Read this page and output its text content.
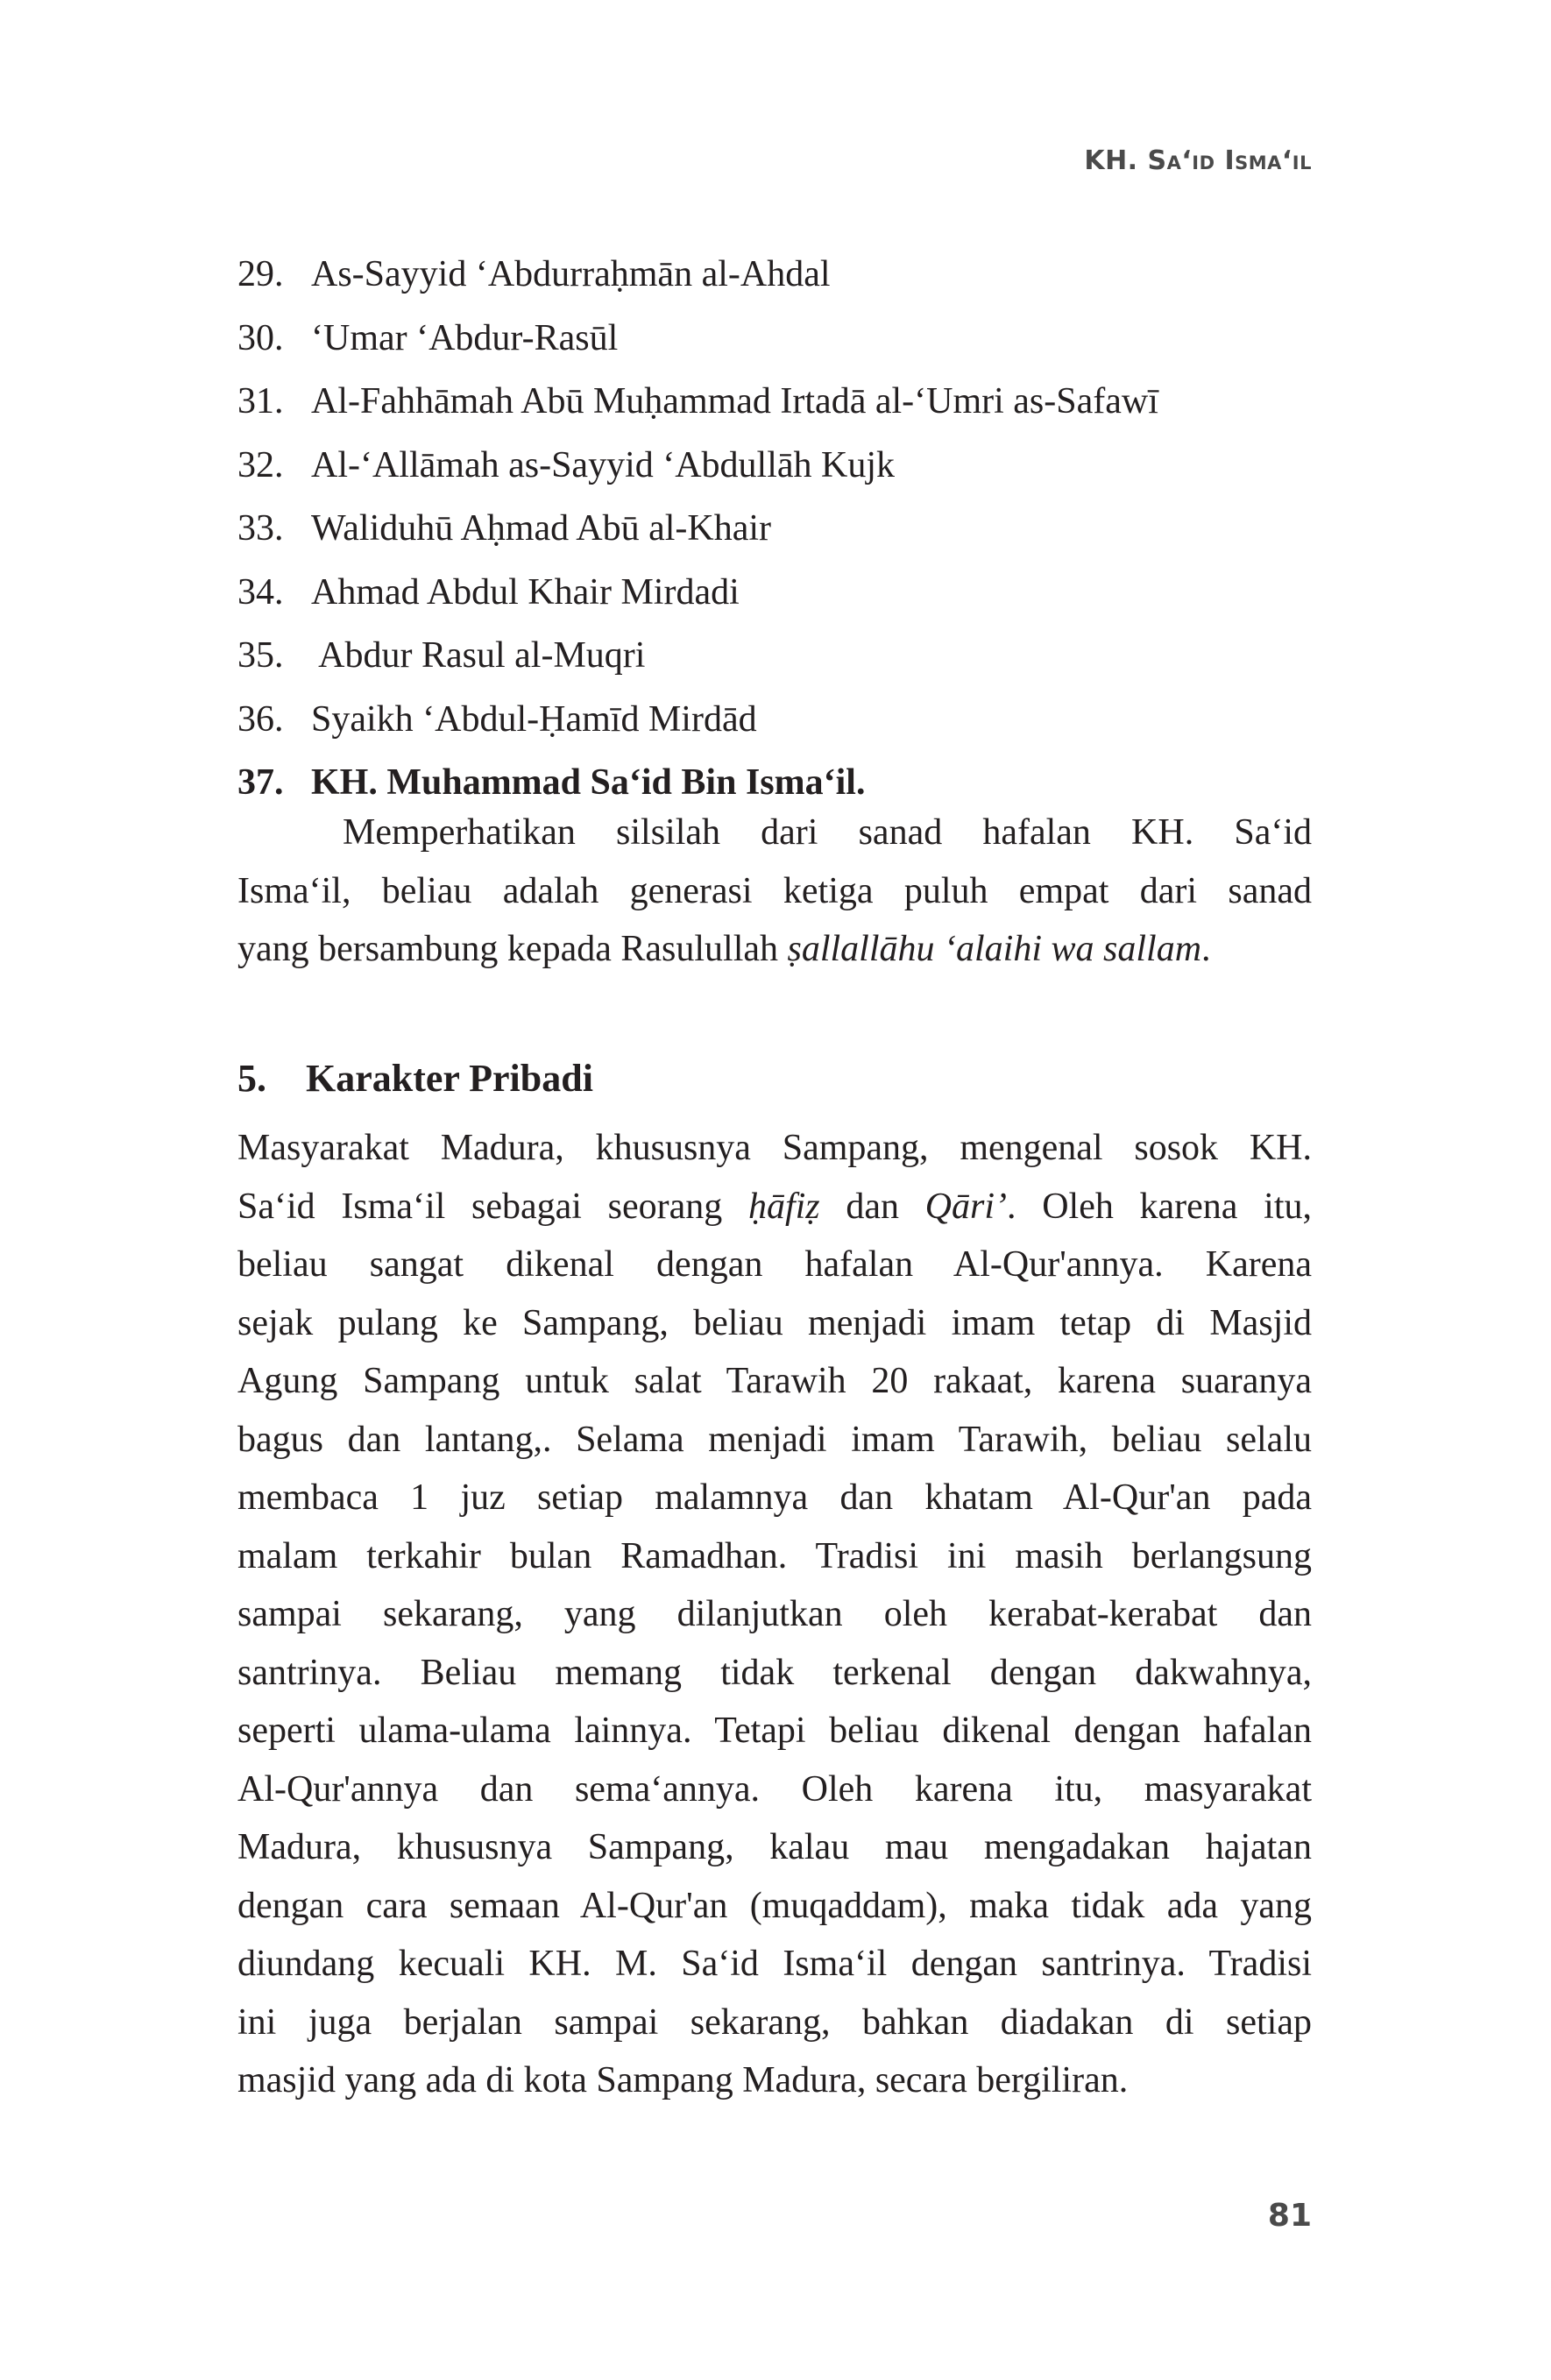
KH. Sa‘id Isma‘il
29. As-Sayyid ‘Abdurraḥmān al-Ahdal
30. ‘Umar ‘Abdur-Rasūl
31. Al-Fahhāmah Abū Muḥammad Irtadā al-‘Umri as-Safawī
32. Al-‘Allāmah as-Sayyid ‘Abdullāh Kujk
33. Waliduhū Aḥmad Abū al-Khair
34. Ahmad Abdul Khair Mirdadi
35. Abdur Rasul al-Muqri
36. Syaikh ‘Abdul-Ḥamīd Mirdād
37. KH. Muhammad Sa‘id Bin Isma‘il.
Memperhatikan silsilah dari sanad hafalan KH. Sa‘id
Isma‘il, beliau adalah generasi ketiga puluh empat dari sanad
yang bersambung kepada Rasulullah ṣallallāhu ‘alaihi wa sallam.
5. Karakter Pribadi
Masyarakat Madura, khususnya Sampang, mengenal sosok KH.
Sa‘id Isma‘il sebagai seorang ḥāfiẓ dan Qāri’. Oleh karena itu,
beliau sangat dikenal dengan hafalan Al-Qur'annya. Karena
sejak pulang ke Sampang, beliau menjadi imam tetap di Masjid
Agung Sampang untuk salat Tarawih 20 rakaat, karena suaranya
bagus dan lantang,. Selama menjadi imam Tarawih, beliau selalu
membaca 1 juz setiap malamnya dan khatam Al-Qur'an pada
malam terkahir bulan Ramadhan. Tradisi ini masih berlangsung
sampai sekarang, yang dilanjutkan oleh kerabat-kerabat dan
santrinya. Beliau memang tidak terkenal dengan dakwahnya,
seperti ulama-ulama lainnya. Tetapi beliau dikenal dengan hafalan
Al-Qur'annya dan sema‘annya. Oleh karena itu, masyarakat
Madura, khususnya Sampang, kalau mau mengadakan hajatan
dengan cara semaan Al-Qur'an (muqaddam), maka tidak ada yang
diundang kecuali KH. M. Sa‘id Isma‘il dengan santrinya. Tradisi
ini juga berjalan sampai sekarang, bahkan diadakan di setiap
masjid yang ada di kota Sampang Madura, secara bergiliran.
81
